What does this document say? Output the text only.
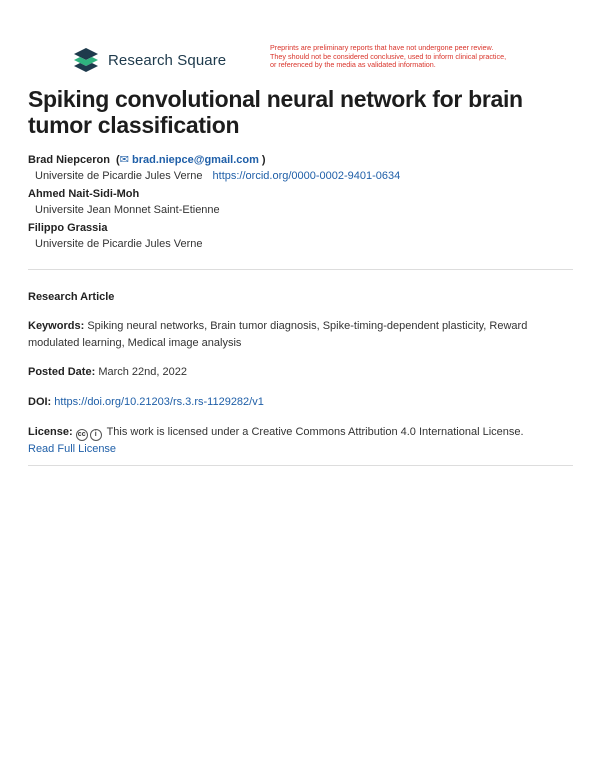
Research Square
Preprints are preliminary reports that have not undergone peer review.
They should not be considered conclusive, used to inform clinical practice,
or referenced by the media as validated information.
Spiking convolutional neural network for brain tumor classification
Brad Niepceron  (✉ brad.niepce@gmail.com )
Universite de Picardie Jules Verne https://orcid.org/0000-0002-9401-0634
Ahmed Nait-Sidi-Moh
Universite Jean Monnet Saint-Etienne
Filippo Grassia
Universite de Picardie Jules Verne
Research Article
Keywords: Spiking neural networks, Brain tumor diagnosis, Spike-timing-dependent plasticity, Reward modulated learning, Medical image analysis
Posted Date: March 22nd, 2022
DOI: https://doi.org/10.21203/rs.3.rs-1129282/v1
License: cc i This work is licensed under a Creative Commons Attribution 4.0 International License.
Read Full License
